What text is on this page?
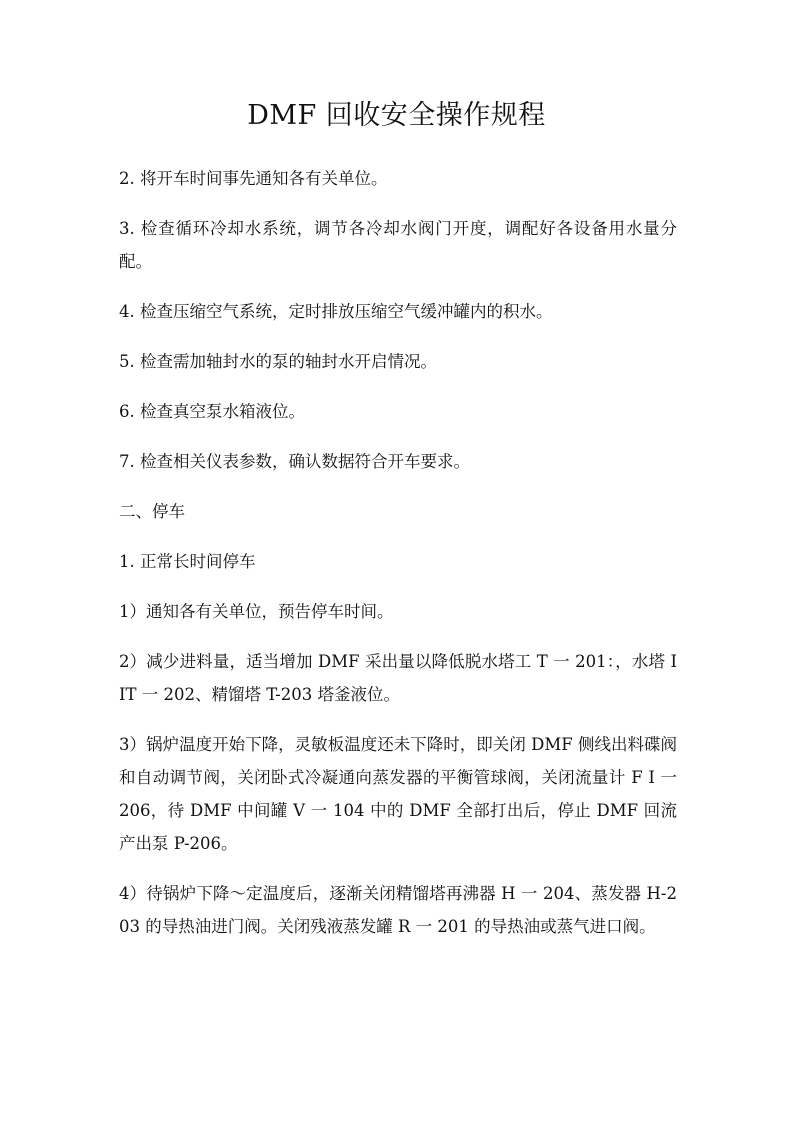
DMF 回收安全操作规程

2. 将开车时间事先通知各有关单位。

3. 检查循环冷却水系统，调节各冷却水阀门开度，调配好各设备用水量分配。

4. 检查压缩空气系统，定时排放压缩空气缓冲罐内的积水。

5. 检查需加轴封水的泵的轴封水开启情况。

6. 检查真空泵水箱液位。

7. 检查相关仪表参数，确认数据符合开车要求。

二、停车

1. 正常长时间停车

1）通知各有关单位，预告停车时间。

2）减少进料量，适当增加 DMF 采出量以降低脱水塔工 T 一 201：，水塔 IIT 一 202、精馏塔 T-203 塔釜液位。

3）锅炉温度开始下降，灵敏板温度还未下降时，即关闭 DMF 侧线出料碟阀和自动调节阀，关闭卧式冷凝通向蒸发器的平衡管球阀，关闭流量计 F I 一 206，待 DMF 中间罐 V 一 104 中的 DMF 全部打出后，停止 DMF 回流产出泵 P-206。

4）待锅炉下降～定温度后，逐渐关闭精馏塔再沸器 H 一 204、蒸发器 H-203 的导热油进门阀。关闭残液蒸发罐 R 一 201 的导热油或蒸气进口阀。
